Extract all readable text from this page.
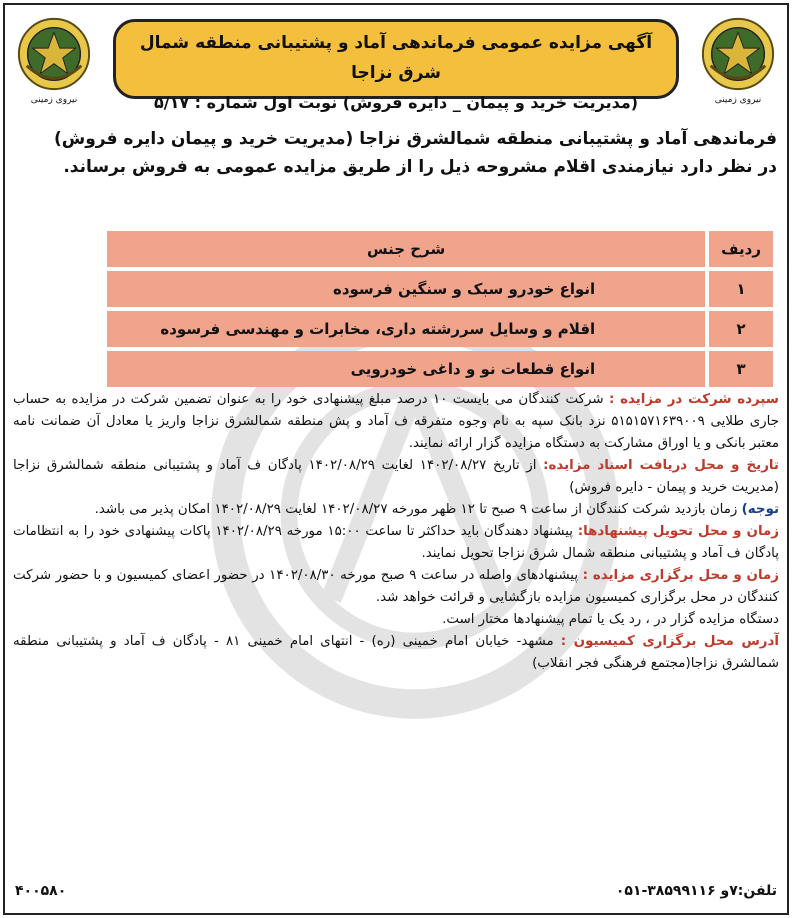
نیروی زمینی
آگهی مزایده عمومی فرماندهی آماد و پشتیبانی منطقه شمال شرق نزاجا
(مدیریت خرید و پیمان _ دایره فروش) نوبت اول شماره : ۵/۱۷
نیروی زمینی
فرماندهی آماد و پشتیبانی منطقه شمالشرق نزاجا (مدیریت خرید و پیمان دایره فروش)
در نظر دارد نیازمندی اقلام مشروحه ذیل را از طریق مزایده عمومی به فروش برساند.
ردیف	شرح جنس
۱	انواع خودرو سبک و سنگین فرسوده
۲	اقلام و وسایل سررشته داری، مخابرات و مهندسی فرسوده
۳	انواع قطعات نو و داغی خودرویی

سپرده شرکت در مزایده : شرکت کنندگان می بایست ۱۰ درصد مبلغ پیشنهادی خود را به عنوان تضمین شرکت در مزایده به حساب جاری طلایی ۵۱۵۱۵۷۱۶۳۹۰۰۹ نزد بانک سپه به نام وجوه متفرقه ف آماد و پش منطقه شمالشرق نزاجا واریز یا معادل آن ضمانت نامه معتبر بانکی و یا اوراق مشارکت به دستگاه مزایده گزار ارائه نمایند.

تاریخ و محل دریافت اسناد مزایده: از تاریخ ۱۴۰۲/۰۸/۲۷ لغایت ۱۴۰۲/۰۸/۲۹ پادگان ف آماد و پشتیبانی منطقه شمالشرق نزاجا (مدیریت خرید و پیمان - دایره فروش)

توجه) زمان بازدید شرکت کنندگان از ساعت ۹ صبح تا ۱۲ ظهر مورخه ۱۴۰۲/۰۸/۲۷ لغایت ۱۴۰۲/۰۸/۲۹ امکان پذیر می باشد.

زمان و محل تحویل پیشنهادها: پیشنهاد دهندگان باید حداکثر تا ساعت ۱۵:۰۰ مورخه ۱۴۰۲/۰۸/۲۹ پاکات پیشنهادی خود را به انتظامات پادگان ف آماد و پشتیبانی منطقه شمال شرق نزاجا تحویل نمایند.

زمان و محل برگزاری مزایده : پیشنهادهای واصله در ساعت ۹ صبح مورخه ۱۴۰۲/۰۸/۳۰ در حضور اعضای کمیسیون و با حضور شرکت کنندگان در محل برگزاری کمیسیون مزایده بازگشایی و قرائت خواهد شد.

دستگاه مزایده گزار در ، رد یک یا تمام پیشنهادها مختار است.

آدرس محل برگزاری کمیسیون : مشهد- خیابان امام خمینی (ره) - انتهای امام خمینی ۸۱ - پادگان ف آماد و پشتیبانی منطقه شمالشرق نزاجا(مجتمع فرهنگی فجر انقلاب)

تلفن:۷و ۳۸۵۹۹۱۱۶-۰۵۱
۴۰۰۵۸۰
